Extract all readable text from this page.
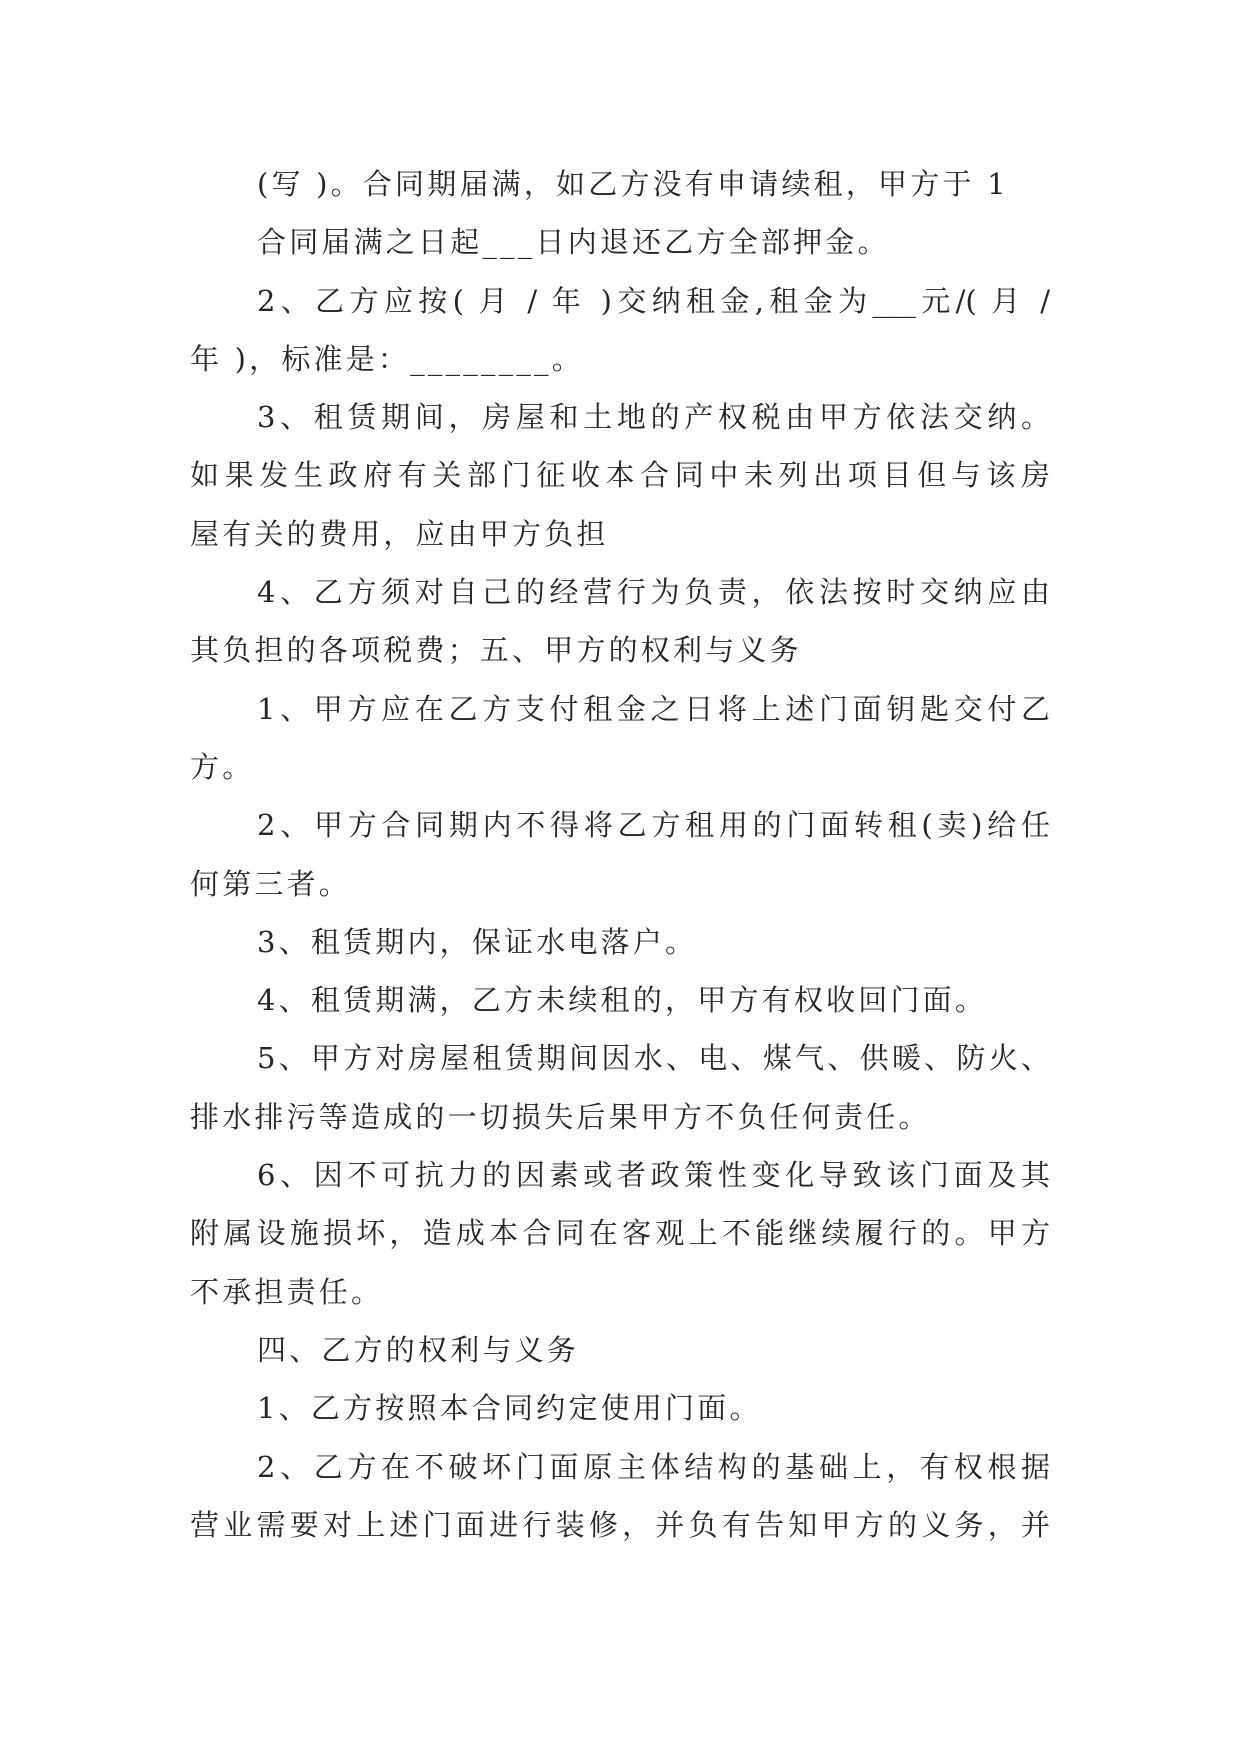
(写 )。合同期届满，如乙方没有申请续租，甲方于 1
合同届满之日起___日内退还乙方全部押金。
2、乙方应按( 月 / 年 )交纳租金,租金为___元/( 月 /
年 )，标准是：________。
3、租赁期间，房屋和土地的产权税由甲方依法交纳。
如果发生政府有关部门征收本合同中未列出项目但与该房
屋有关的费用，应由甲方负担
4、乙方须对自己的经营行为负责，依法按时交纳应由
其负担的各项税费；五、甲方的权利与义务
1、甲方应在乙方支付租金之日将上述门面钥匙交付乙
方。
2、甲方合同期内不得将乙方租用的门面转租(卖)给任
何第三者。
3、租赁期内，保证水电落户。
4、租赁期满，乙方未续租的，甲方有权收回门面。
5、甲方对房屋租赁期间因水、电、煤气、供暖、防火、
排水排污等造成的一切损失后果甲方不负任何责任。
6、因不可抗力的因素或者政策性变化导致该门面及其
附属设施损坏，造成本合同在客观上不能继续履行的。甲方
不承担责任。
四、乙方的权利与义务
1、乙方按照本合同约定使用门面。
2、乙方在不破坏门面原主体结构的基础上，有权根据
营业需要对上述门面进行装修，并负有告知甲方的义务，并
